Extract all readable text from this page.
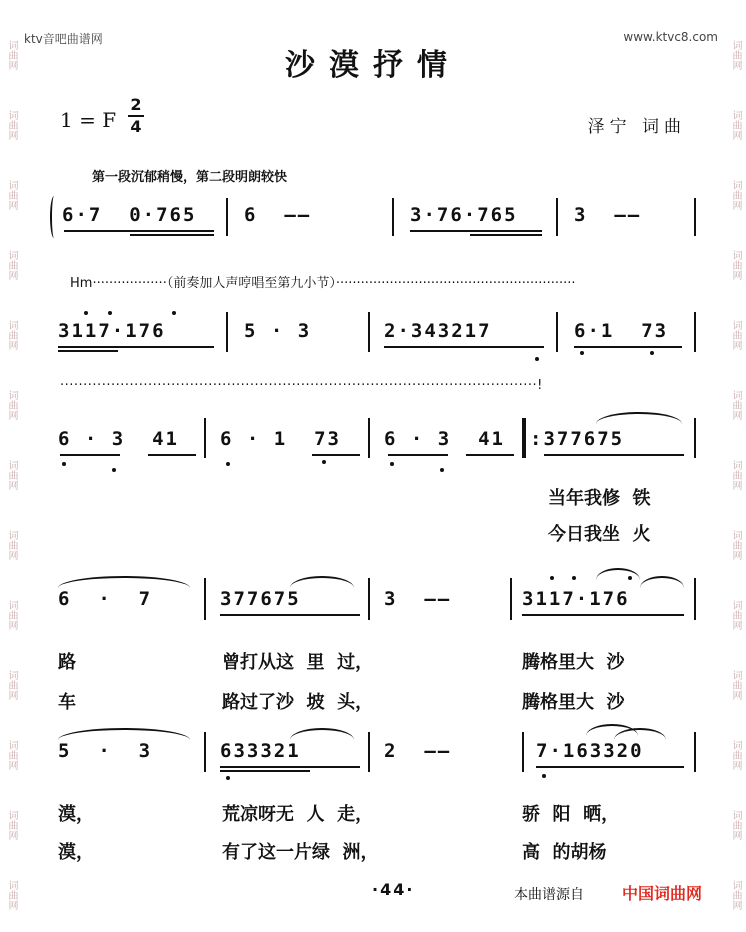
词曲网
词曲网
词曲网
词曲网
词曲网
词曲网
词曲网
词曲网
词曲网
词曲网
词曲网
词曲网
词曲网
词曲网
词曲网
词曲网
词曲网
词曲网
词曲网
词曲网
词曲网
词曲网
词曲网
词曲网
词曲网
词曲网
ktv音吧曲谱网	www.ktvc8.com
沙漠抒情
1 = F
2
4	泽宁 词曲
第一段沉郁稍慢，第二段明朗较快
6·7  0·765	6  ——	3·76·765	3  ——
Hm··················（前奏加人声哼唱至第九小节）··························································
3117·176	5 · 3	2·343217	6·1  73
·······································································································!
6 · 3  41 6 · 1  73 6 · 3  41 :377675
当年我修  铁
今日我坐  火
6  ·  7	377675	3  ——	3117·176
路	曾打从这  里  过，	腾格里大  沙
车	路过了沙  坡  头，	腾格里大  沙
5  ·  3	633321	2  ——	7·163320
漠，	荒凉呀无  人  走，	骄  阳  晒，
漠，	有了这一片绿  洲，	高  的胡杨
·44·	本曲谱源自 中国词曲网
